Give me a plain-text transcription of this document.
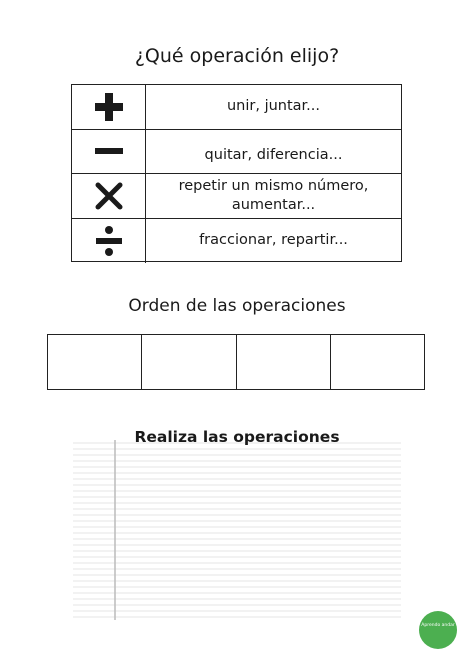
¿Qué operación elijo?
unir, juntar...
quitar, diferencia...
repetir un mismo número, aumentar...
fraccionar, repartir...
Orden de las operaciones
Realiza las operaciones
Aprendo andar
